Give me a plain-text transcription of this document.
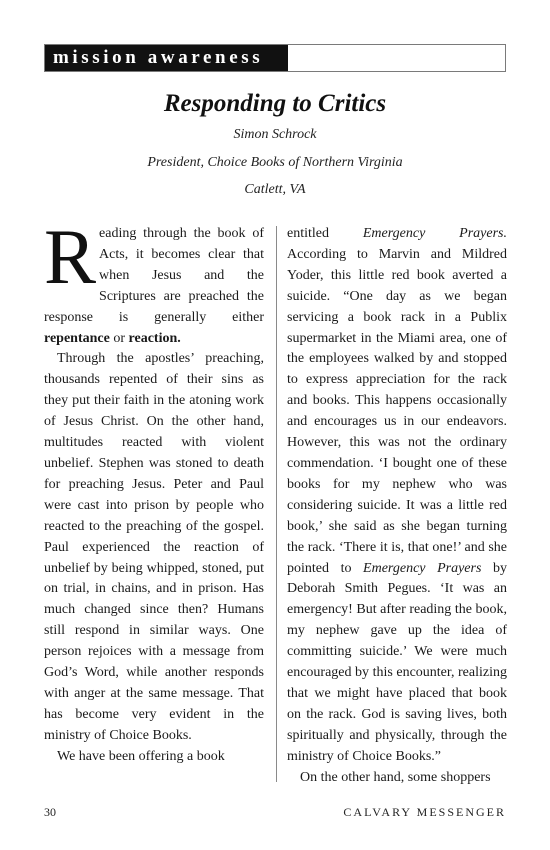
mission awareness
Responding to Critics
Simon Schrock
President, Choice Books of Northern Virginia
Catlett, VA

Reading through the book of Acts, it becomes clear that when Jesus and the Scriptures are preached the response is generally either repentance or reaction.

Through the apostles’ preaching, thousands repented of their sins as they put their faith in the atoning work of Jesus Christ. On the other hand, multitudes reacted with violent unbelief. Stephen was stoned to death for preaching Jesus. Peter and Paul were cast into prison by people who reacted to the preaching of the gospel. Paul experienced the reaction of unbelief by being whipped, stoned, put on trial, in chains, and in prison. Has much changed since then? Humans still respond in similar ways. One person rejoices with a message from God’s Word, while another responds with anger at the same message. That has become very evident in the ministry of Choice Books.

We have been offering a book

entitled Emergency Prayers. According to Marvin and Mildred Yoder, this little red book averted a suicide. “One day as we began servicing a book rack in a Publix supermarket in the Miami area, one of the employees walked by and stopped to express appreciation for the rack and books. This happens occasionally and encourages us in our endeavors. However, this was not the ordinary commendation. ‘I bought one of these books for my nephew who was considering suicide. It was a little red book,’ she said as she began turning the rack. ‘There it is, that one!’ and she pointed to Emergency Prayers by Deborah Smith Pegues. ‘It was an emergency! But after reading the book, my nephew gave up the idea of committing suicide.’ We were much encouraged by this encounter, realizing that we might have placed that book on the rack. God is saving lives, both spiritually and physically, through the ministry of Choice Books.”

On the other hand, some shoppers

30	CALVARY MESSENGER
